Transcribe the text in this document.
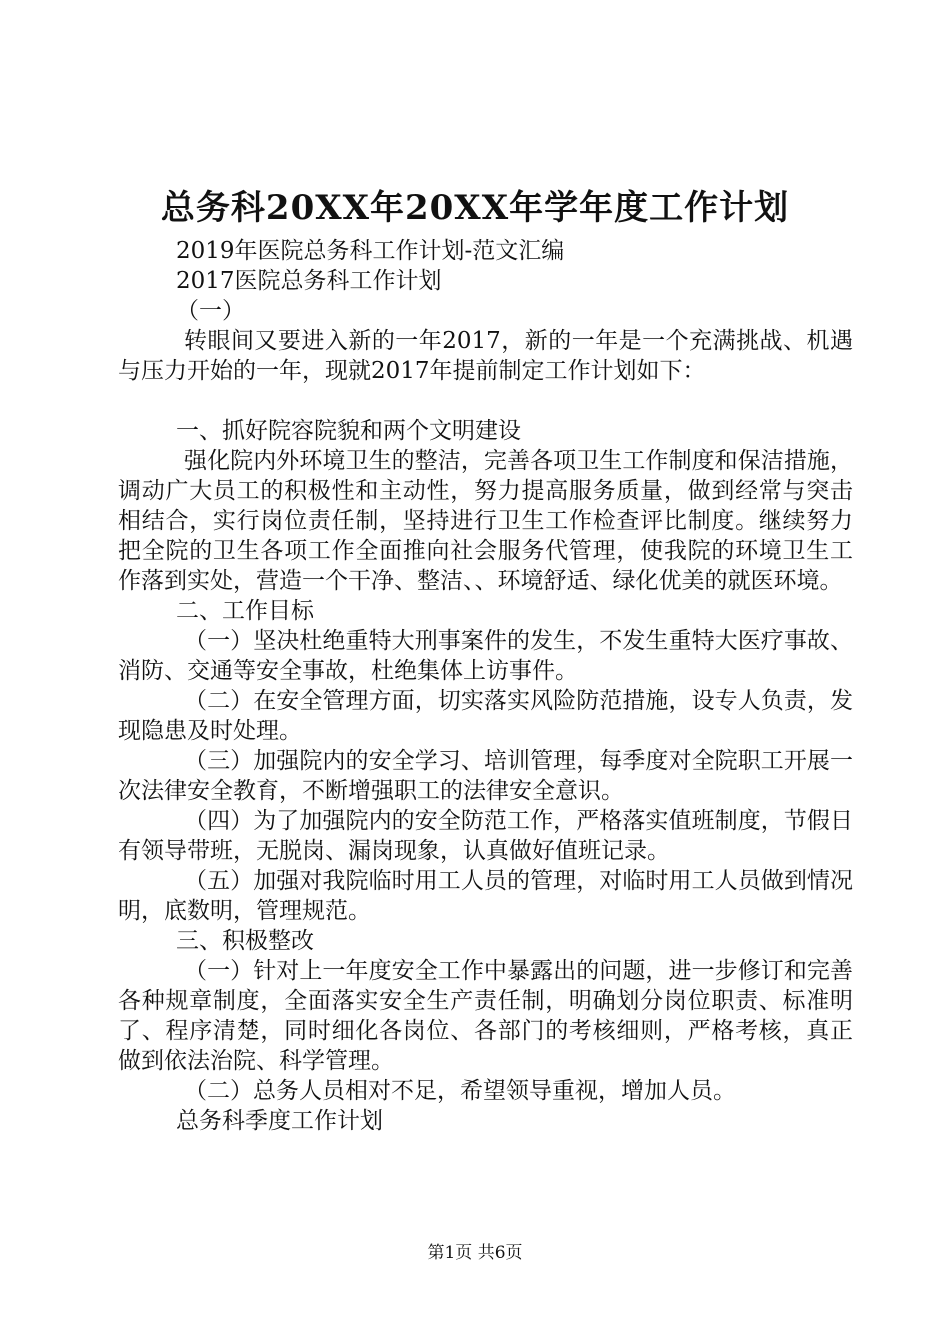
总务科20XX年20XX年学年度工作计划

2019年医院总务科工作计划-范文汇编

2017医院总务科工作计划

（一）

转眼间又要进入新的一年2017，新的一年是一个充满挑战、机遇与压力开始的一年，现就2017年提前制定工作计划如下：

一、抓好院容院貌和两个文明建设

强化院内外环境卫生的整洁，完善各项卫生工作制度和保洁措施，调动广大员工的积极性和主动性，努力提高服务质量，做到经常与突击相结合，实行岗位责任制，坚持进行卫生工作检查评比制度。继续努力把全院的卫生各项工作全面推向社会服务代管理，使我院的环境卫生工作落到实处，营造一个干净、整洁、、环境舒适、绿化优美的就医环境。

二、工作目标

（一）坚决杜绝重特大刑事案件的发生，不发生重特大医疗事故、消防、交通等安全事故，杜绝集体上访事件。

（二）在安全管理方面，切实落实风险防范措施，设专人负责，发现隐患及时处理。

（三）加强院内的安全学习、培训管理，每季度对全院职工开展一次法律安全教育，不断增强职工的法律安全意识。

（四）为了加强院内的安全防范工作，严格落实值班制度，节假日有领导带班，无脱岗、漏岗现象，认真做好值班记录。

（五）加强对我院临时用工人员的管理，对临时用工人员做到情况明，底数明，管理规范。

三、积极整改

（一）针对上一年度安全工作中暴露出的问题，进一步修订和完善各种规章制度，全面落实安全生产责任制，明确划分岗位职责、标准明了、程序清楚，同时细化各岗位、各部门的考核细则，严格考核，真正做到依法治院、科学管理。

（二）总务人员相对不足，希望领导重视，增加人员。

总务科季度工作计划

第1页 共6页
